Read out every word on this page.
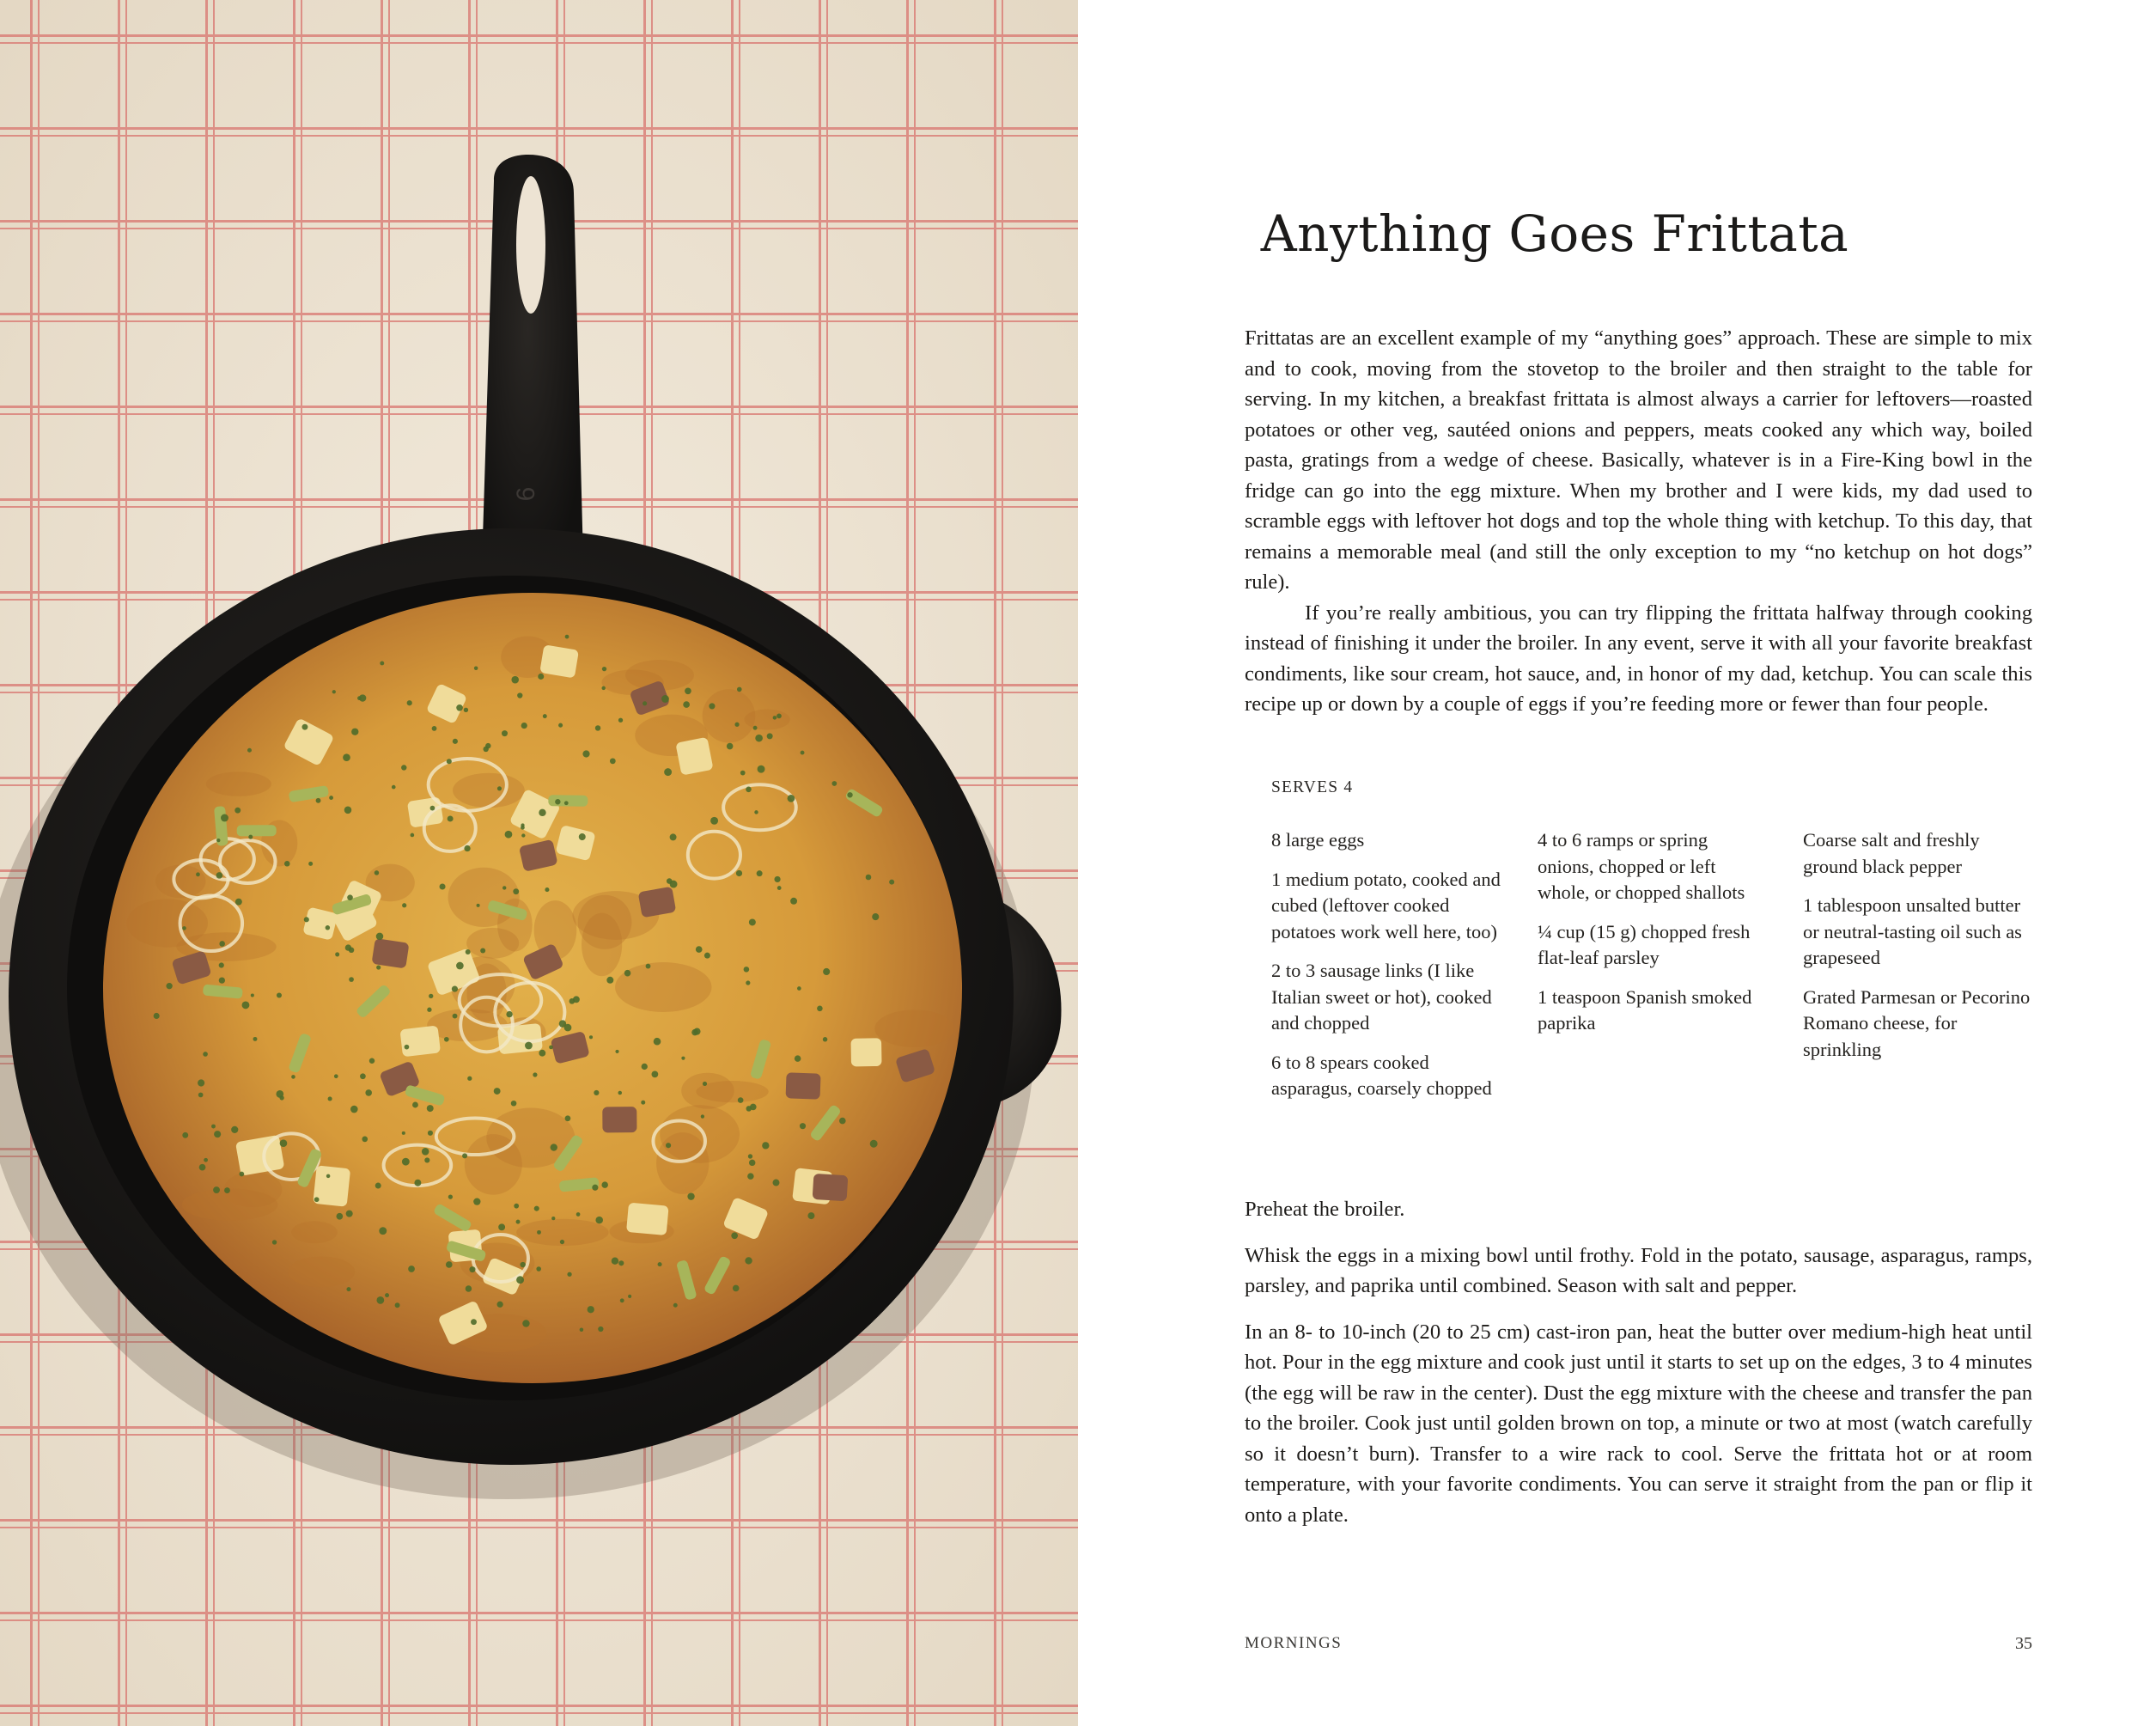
6
Anything Goes Frittata

Frittatas are an excellent example of my “anything goes” approach. These are simple to mix and to cook, moving from the stovetop to the broiler and then straight to the table for serving. In my kitchen, a breakfast frittata is almost always a carrier for leftovers—roasted potatoes or other veg, sautéed onions and peppers, meats cooked any which way, boiled pasta, gratings from a wedge of cheese. Basically, whatever is in a Fire-King bowl in the fridge can go into the egg mixture. When my brother and I were kids, my dad used to scramble eggs with leftover hot dogs and top the whole thing with ketchup. To this day, that remains a memorable meal (and still the only exception to my “no ketchup on hot dogs” rule).

If you’re really ambitious, you can try flipping the frittata halfway through cooking instead of finishing it under the broiler. In any event, serve it with all your favorite breakfast condiments, like sour cream, hot sauce, and, in honor of my dad, ketchup. You can scale this recipe up or down by a couple of eggs if you’re feeding more or fewer than four people.

SERVES 4

8 large eggs

1 medium potato, cooked and cubed (leftover cooked potatoes work well here, too)

2 to 3 sausage links (I like Italian sweet or hot), cooked and chopped

6 to 8 spears cooked asparagus, coarsely chopped

4 to 6 ramps or spring onions, chopped or left whole, or chopped shallots

¼ cup (15 g) chopped fresh flat-leaf parsley

1 teaspoon Spanish smoked paprika

Coarse salt and freshly ground black pepper

1 tablespoon unsalted butter or neutral-tasting oil such as grapeseed

Grated Parmesan or Pecorino Romano cheese, for sprinkling

Preheat the broiler.

Whisk the eggs in a mixing bowl until frothy. Fold in the potato, sausage, asparagus, ramps, parsley, and paprika until combined. Season with salt and pepper.

In an 8- to 10-inch (20 to 25 cm) cast-iron pan, heat the butter over medium-high heat until hot. Pour in the egg mixture and cook just until it starts to set up on the edges, 3 to 4 minutes (the egg will be raw in the center). Dust the egg mixture with the cheese and transfer the pan to the broiler. Cook just until golden brown on top, a minute or two at most (watch carefully so it doesn’t burn). Transfer to a wire rack to cool. Serve the frittata hot or at room temperature, with your favorite condiments. You can serve it straight from the pan or flip it onto a plate.

MORNINGS	35
